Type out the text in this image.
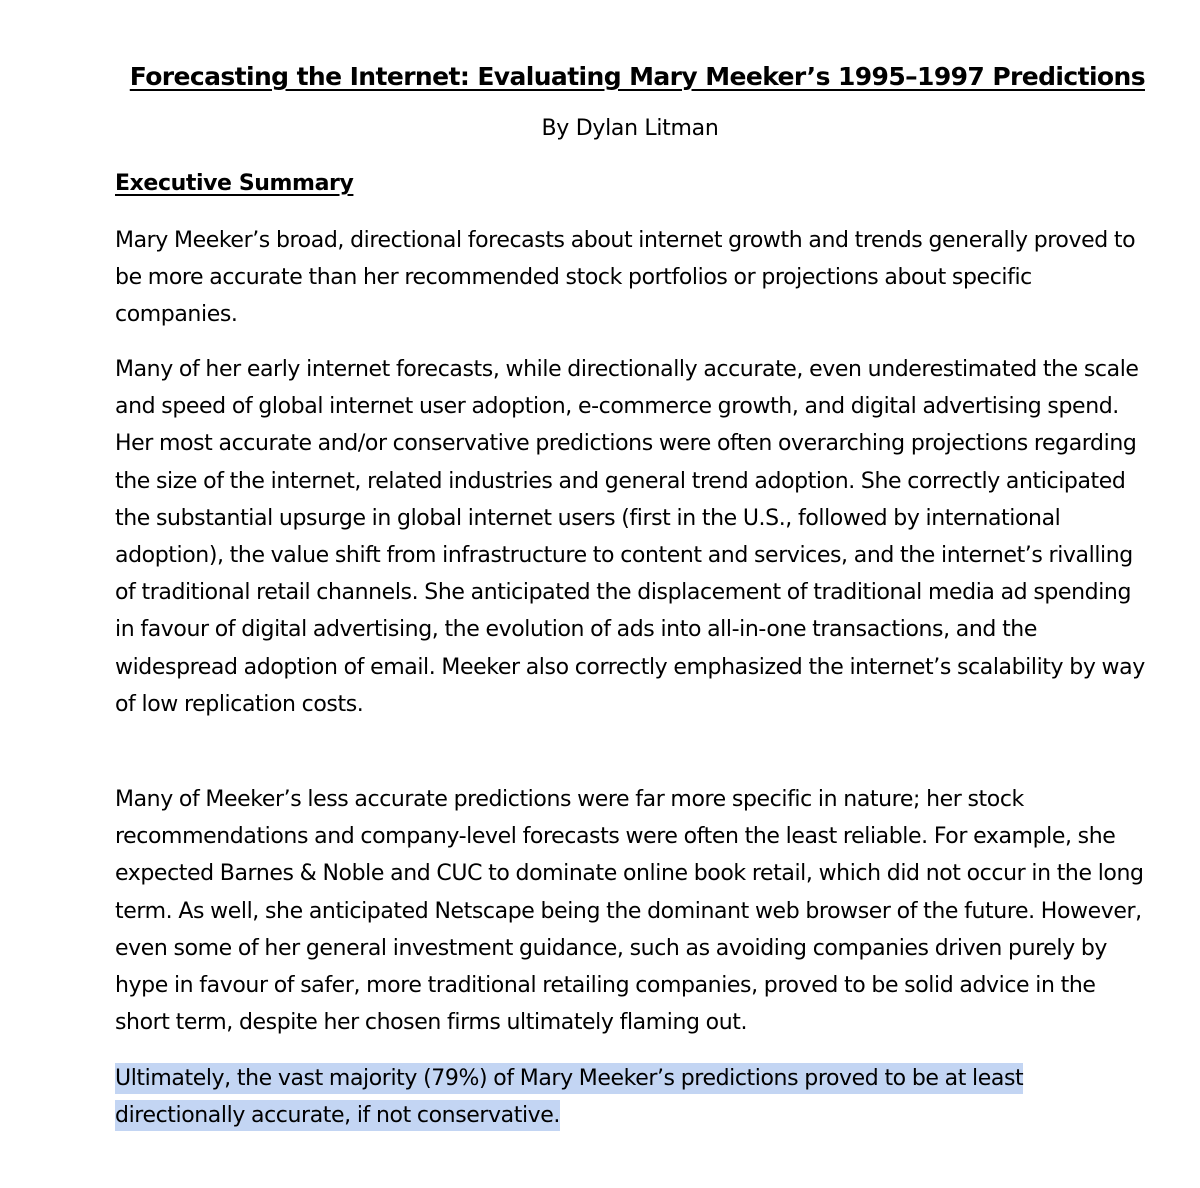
Forecasting the Internet: Evaluating Mary Meeker’s 1995–1997 Predictions

By Dylan Litman

Executive Summary

Mary Meeker’s broad, directional forecasts about internet growth and trends generally proved to be more accurate than her recommended stock portfolios or projections about specific companies.

Many of her early internet forecasts, while directionally accurate, even underestimated the scale and speed of global internet user adoption, e-commerce growth, and digital advertising spend. Her most accurate and/or conservative predictions were often overarching projections regarding the size of the internet, related industries and general trend adoption. She correctly anticipated the substantial upsurge in global internet users (first in the U.S., followed by international adoption), the value shift from infrastructure to content and services, and the internet’s rivalling of traditional retail channels. She anticipated the displacement of traditional media ad spending in favour of digital advertising, the evolution of ads into all-in-one transactions, and the widespread adoption of email. Meeker also correctly emphasized the internet’s scalability by way of low replication costs.

Many of Meeker’s less accurate predictions were far more specific in nature; her stock recommendations and company-level forecasts were often the least reliable. For example, she expected Barnes & Noble and CUC to dominate online book retail, which did not occur in the long term. As well, she anticipated Netscape being the dominant web browser of the future. However, even some of her general investment guidance, such as avoiding companies driven purely by hype in favour of safer, more traditional retailing companies, proved to be solid advice in the short term, despite her chosen firms ultimately flaming out.

Ultimately, the vast majority (79%) of Mary Meeker’s predictions proved to be at least directionally accurate, if not conservative.
